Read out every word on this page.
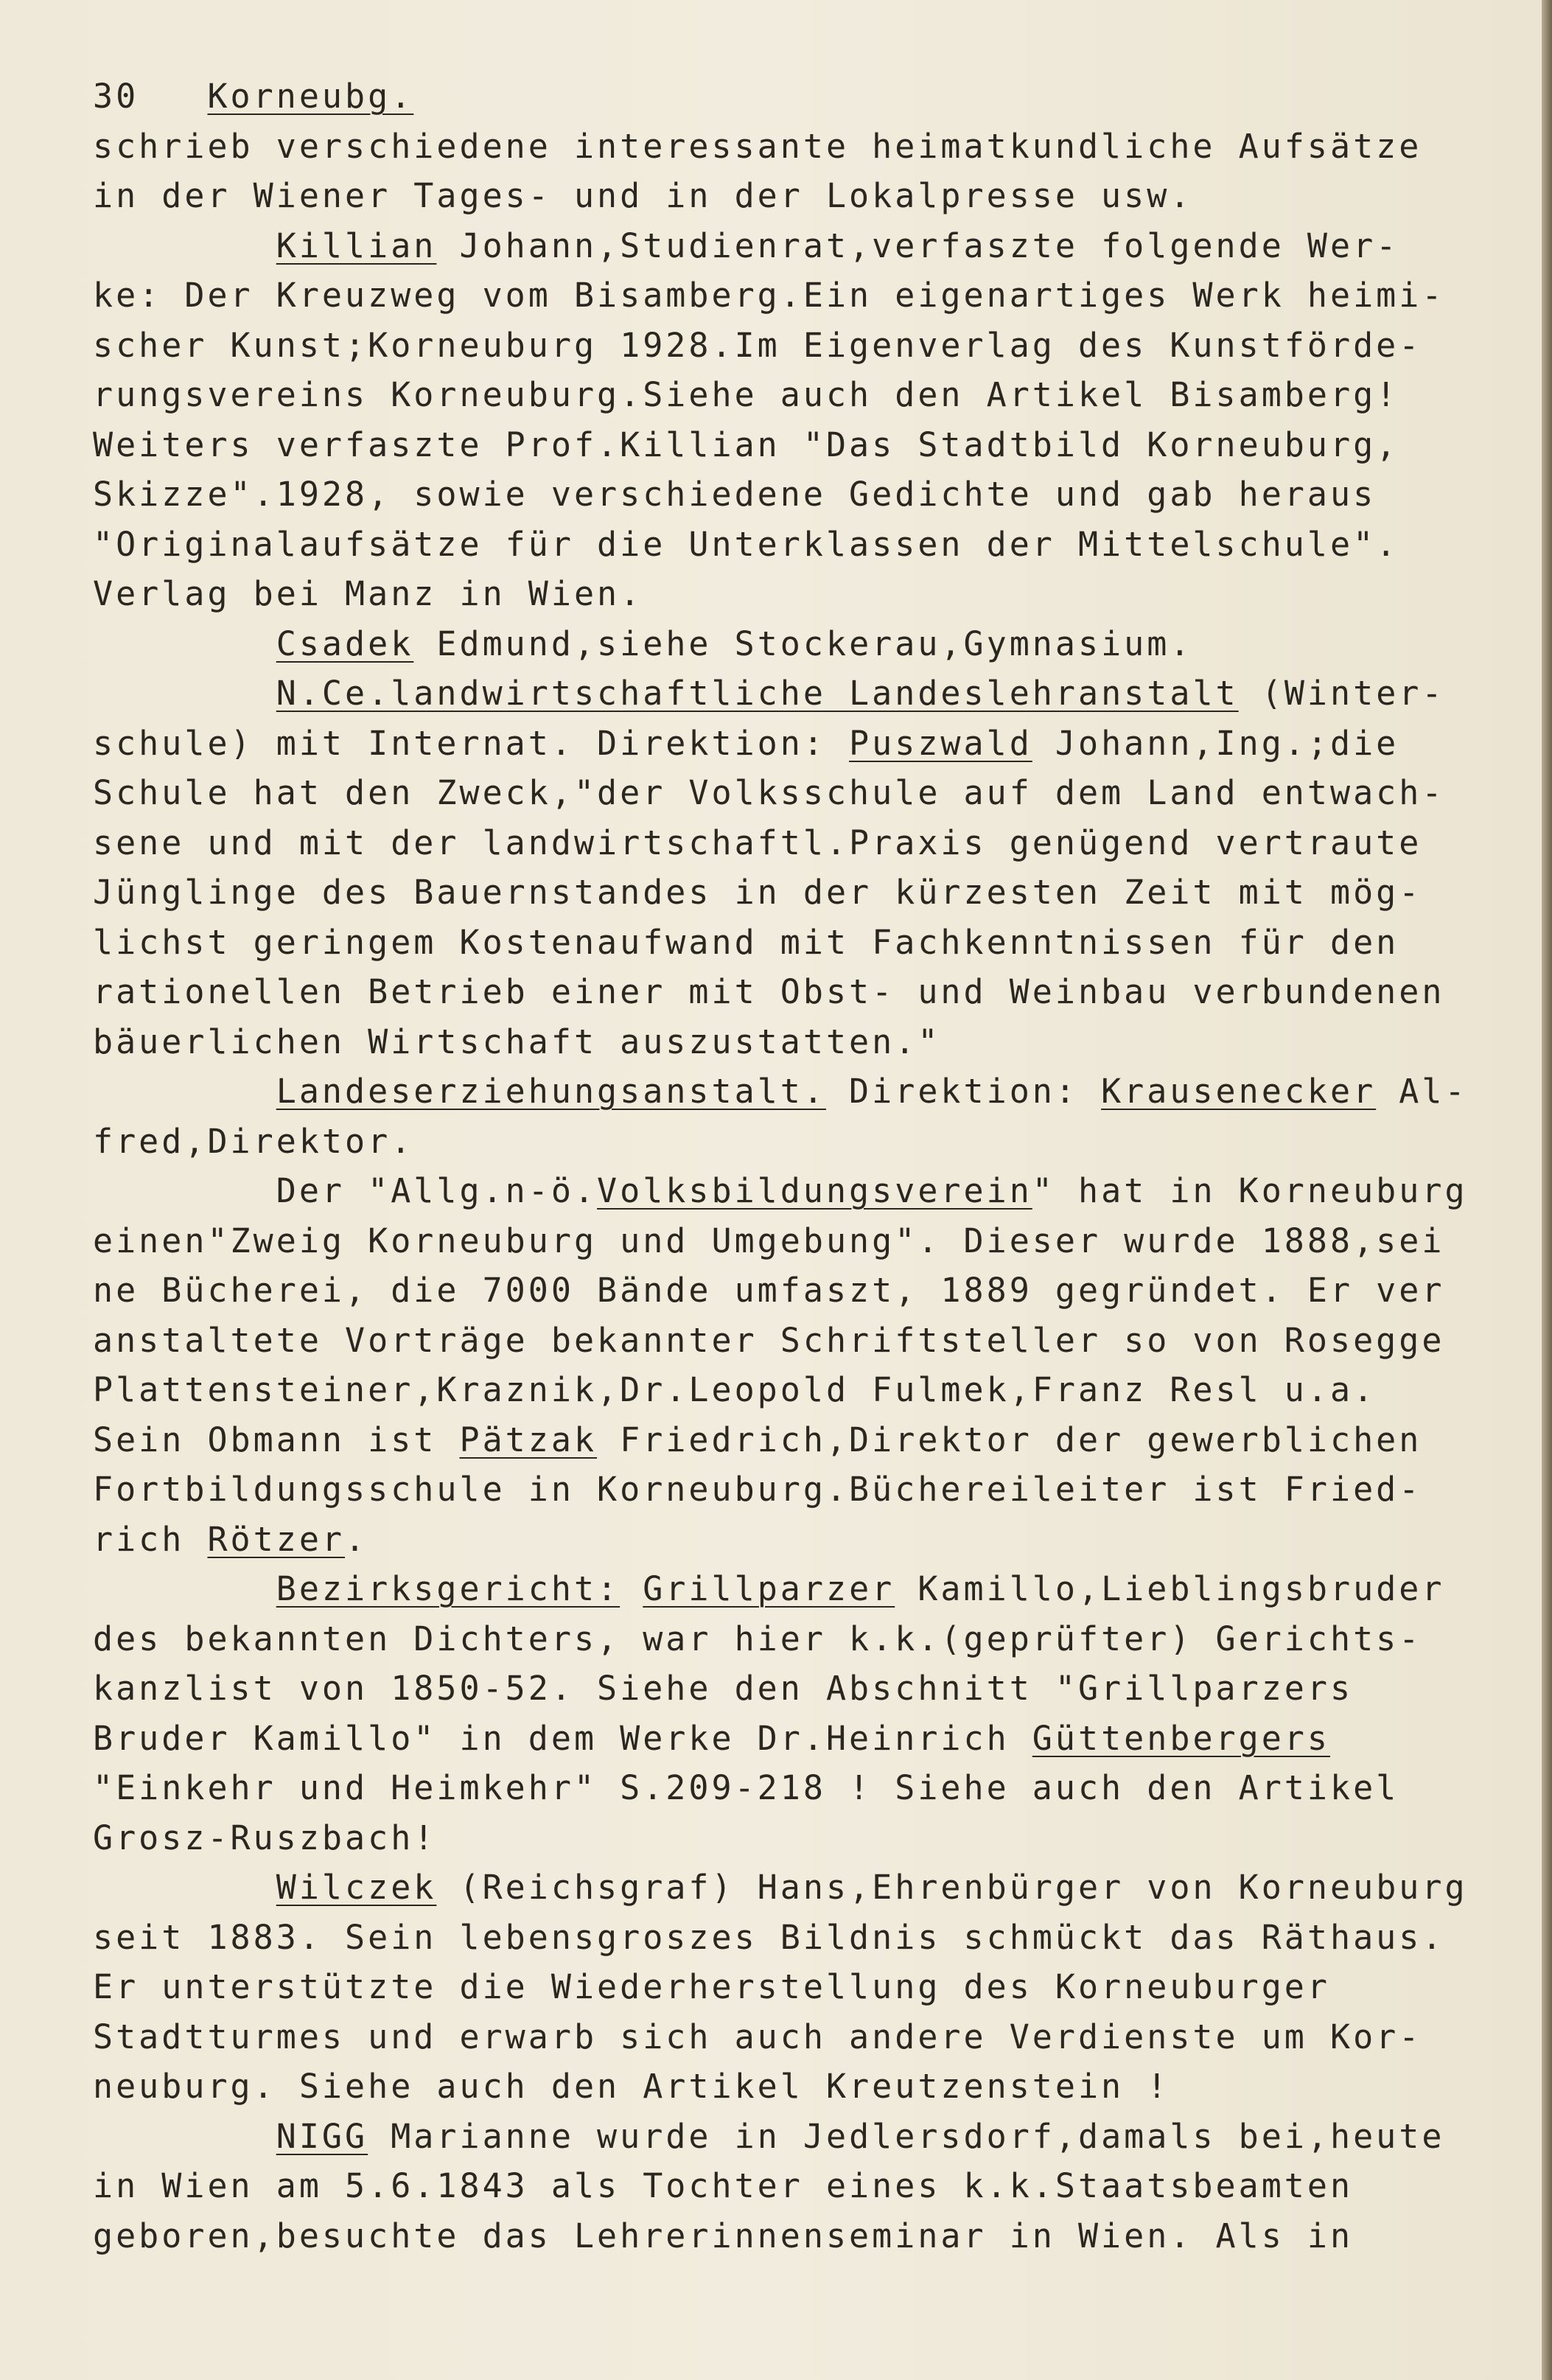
30 Korneubg.
schrieb verschiedene interessante heimatkundliche Aufsätze
in der Wiener Tages- und in der Lokalpresse usw.
Killian Johann,Studienrat,verfaszte folgende Wer-
ke: Der Kreuzweg vom Bisamberg.Ein eigenartiges Werk heimi-
scher Kunst;Korneuburg 1928.Im Eigenverlag des Kunstförde-
rungsvereins Korneuburg.Siehe auch den Artikel Bisamberg!
Weiters verfaszte Prof.Killian "Das Stadtbild Korneuburg,
Skizze".1928, sowie verschiedene Gedichte und gab heraus
"Originalaufsätze für die Unterklassen der Mittelschule".
Verlag bei Manz in Wien.
Csadek Edmund,siehe Stockerau,Gymnasium.
N.Ce.landwirtschaftliche Landeslehranstalt (Winter-
schule) mit Internat. Direktion: Puszwald Johann,Ing.;die
Schule hat den Zweck,"der Volksschule auf dem Land entwach-
sene und mit der landwirtschaftl.Praxis genügend vertraute
Jünglinge des Bauernstandes in der kürzesten Zeit mit mög-
lichst geringem Kostenaufwand mit Fachkenntnissen für den
rationellen Betrieb einer mit Obst- und Weinbau verbundenen
bäuerlichen Wirtschaft auszustatten."
Landeserziehungsanstalt. Direktion: Krausenecker Al-
fred,Direktor.
Der "Allg.n-ö.Volksbildungsverein" hat in Korneuburg
einen"Zweig Korneuburg und Umgebung". Dieser wurde 1888,sei
ne Bücherei, die 7000 Bände umfaszt, 1889 gegründet. Er ver
anstaltete Vorträge bekannter Schriftsteller so von Rosegge
Plattensteiner,Kraznik,Dr.Leopold Fulmek,Franz Resl u.a.
Sein Obmann ist Pätzak Friedrich,Direktor der gewerblichen
Fortbildungsschule in Korneuburg.Büchereileiter ist Fried-
rich Rötzer.
Bezirksgericht: Grillparzer Kamillo,Lieblingsbruder
des bekannten Dichters, war hier k.k.(geprüfter) Gerichts-
kanzlist von 1850-52. Siehe den Abschnitt "Grillparzers
Bruder Kamillo" in dem Werke Dr.Heinrich Güttenbergers
"Einkehr und Heimkehr" S.209-218 ! Siehe auch den Artikel
Grosz-Ruszbach!
Wilczek (Reichsgraf) Hans,Ehrenbürger von Korneuburg
seit 1883. Sein lebensgroszes Bildnis schmückt das Räthaus.
Er unterstützte die Wiederherstellung des Korneuburger
Stadtturmes und erwarb sich auch andere Verdienste um Kor-
neuburg. Siehe auch den Artikel Kreutzenstein !
NIGG Marianne wurde in Jedlersdorf,damals bei,heute
in Wien am 5.6.1843 als Tochter eines k.k.Staatsbeamten
geboren,besuchte das Lehrerinnenseminar in Wien. Als in
